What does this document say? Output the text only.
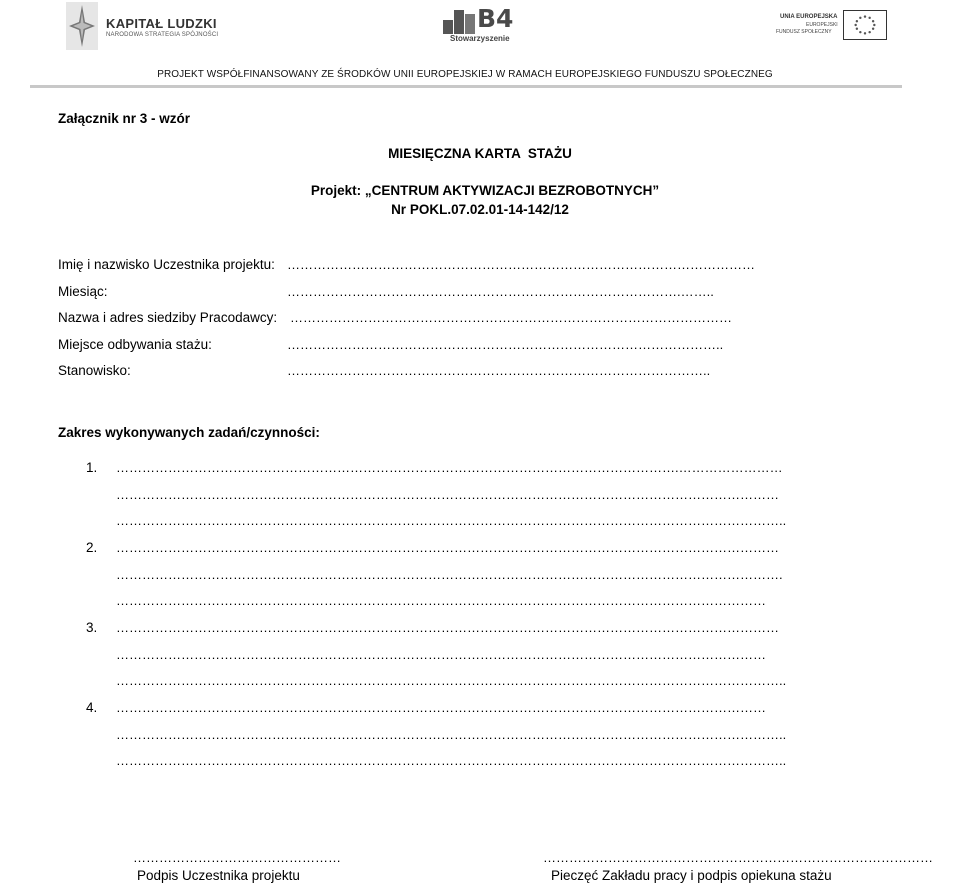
KAPITAŁ LUDZKI
NARODOWA STRATEGIA SPÓJNOŚCI
B4
Stowarzyszenie
UNIA EUROPEJSKA
EUROPEJSKI
FUNDUSZ SPOŁECZNY
PROJEKT WSPÓŁFINANSOWANY ZE ŚRODKÓW UNII EUROPEJSKIEJ W RAMACH EUROPEJSKIEGO FUNDUSZU SPOŁECZNEG
Załącznik nr 3 - wzór
MIESIĘCZNA KARTA  STAŻU
Projekt: „CENTRUM AKTYWIZACJI BEZROBOTNYCH”
Nr POKL.07.02.01-14-142/12
Imię i nazwisko Uczestnika projektu: ………………………………………………………………………………………………
Miesiąc:	……………………………………………………………………………….……..
Nazwa i adres siedziby Pracodawcy: …………………………………………………………………………………………
Miejsce odbywania stażu:	………………………………………………………………………………………..
Stanowisko:	……………………………………………………………………………………..
Zakres wykonywanych zadań/czynności:
1. ………………………………………………………………………………………………………………….……………………
………………………………………………………………………………………………………………………………………
………………………………………………………………………………………………………………………………………..
2. ………………………………………………………………………………………………………………………………………
……………………………………………………………………………………………………………………………………….
……………………………………………………………………………………………………………………………………
3. ………………………………………………………………………………………………………………………………………
……………………………………………………………………………………………………………………………………
………………………………………………………………………………………………………………………………………..
4. ……………………………………………………………………………………………………………………………………
………………………………………………………………………………………………………………………………………..
………………………………………………………………………………………………………………………………………..
…………………………………………
Podpis Uczestnika projektu
………………………………………………………………………………
Pieczęć Zakładu pracy i podpis opiekuna stażu
